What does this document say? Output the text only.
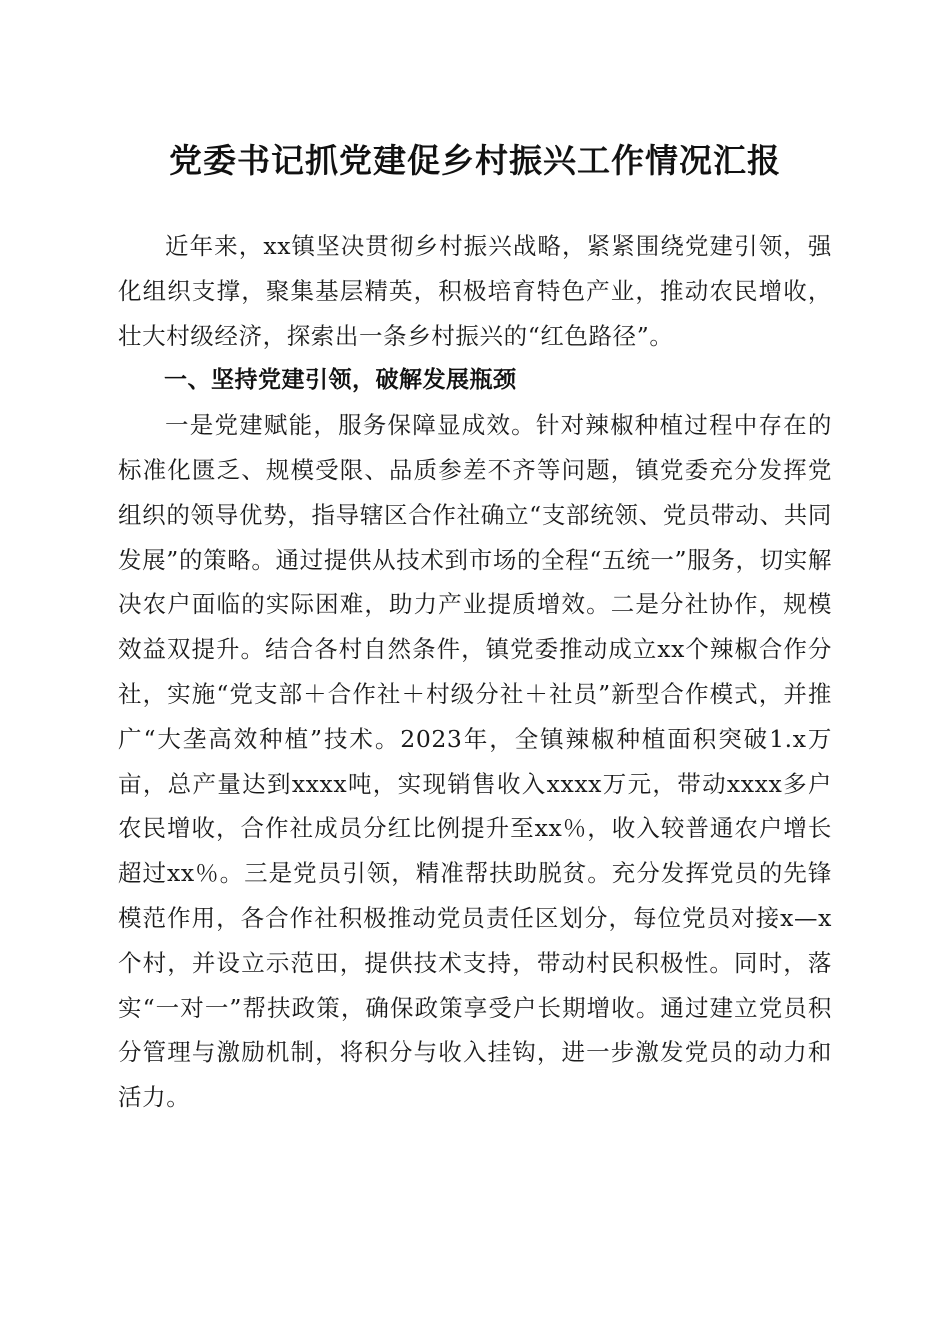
党委书记抓党建促乡村振兴工作情况汇报

近年来，xx镇坚决贯彻乡村振兴战略，紧紧围绕党建引领，强化组织支撑，聚集基层精英，积极培育特色产业，推动农民增收，壮大村级经济，探索出一条乡村振兴的“红色路径”。

一、坚持党建引领，破解发展瓶颈

一是党建赋能，服务保障显成效。针对辣椒种植过程中存在的标准化匮乏、规模受限、品质参差不齐等问题，镇党委充分发挥党组织的领导优势，指导辖区合作社确立“支部统领、党员带动、共同发展”的策略。通过提供从技术到市场的全程“五统一”服务，切实解决农户面临的实际困难，助力产业提质增效。二是分社协作，规模效益双提升。结合各村自然条件，镇党委推动成立xx个辣椒合作分社，实施“党支部＋合作社＋村级分社＋社员”新型合作模式，并推广“大垄高效种植”技术。2023年，全镇辣椒种植面积突破1.x万亩，总产量达到xxxx吨，实现销售收入xxxx万元，带动xxxx多户农民增收，合作社成员分红比例提升至xx％，收入较普通农户增长超过xx％。三是党员引领，精准帮扶助脱贫。充分发挥党员的先锋模范作用，各合作社积极推动党员责任区划分，每位党员对接x—x个村，并设立示范田，提供技术支持，带动村民积极性。同时，落实“一对一”帮扶政策，确保政策享受户长期增收。通过建立党员积分管理与激励机制，将积分与收入挂钩，进一步激发党员的动力和活力。
